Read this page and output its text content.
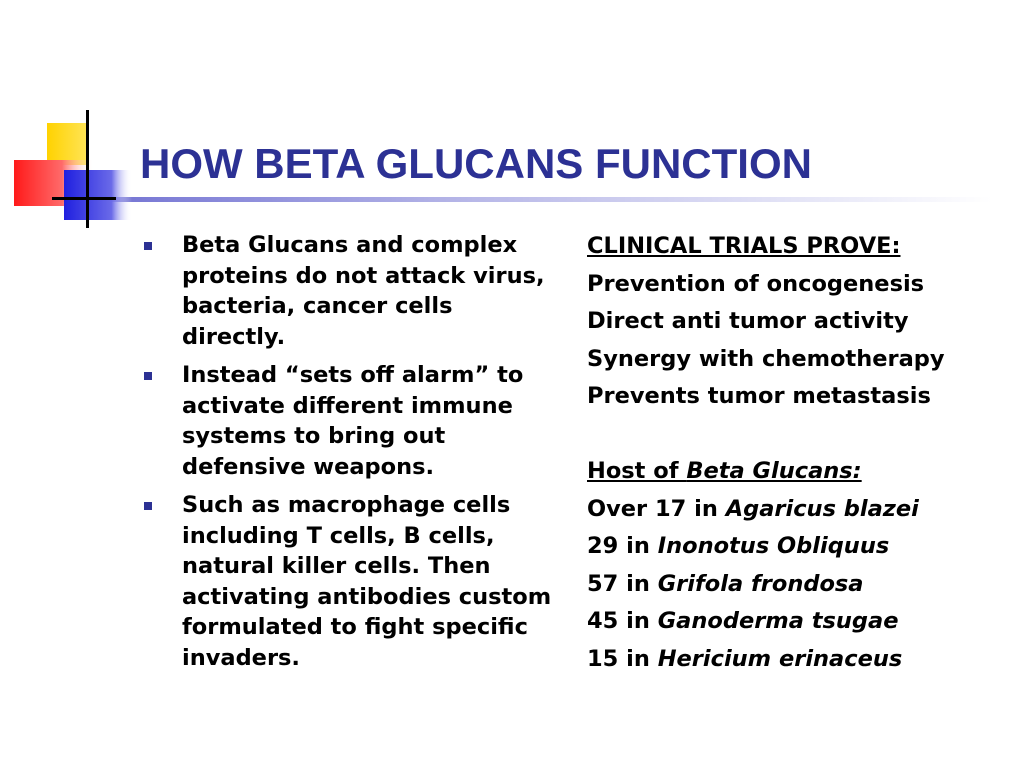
HOW BETA GLUCANS FUNCTION
Beta Glucans and complex proteins do not attack virus, bacteria, cancer cells directly.
Instead “sets off alarm” to activate different immune systems to bring out defensive weapons.
Such as macrophage cells including T cells, B cells, natural killer cells. Then activating antibodies custom formulated to fight specific invaders.
CLINICAL TRIALS PROVE:
Prevention of oncogenesis
Direct anti tumor activity
Synergy with chemotherapy
Prevents tumor metastasis
Host of Beta Glucans:
Over 17 in Agaricus blazei
29 in Inonotus Obliquus
57 in Grifola frondosa
45 in Ganoderma tsugae
15 in Hericium erinaceus
